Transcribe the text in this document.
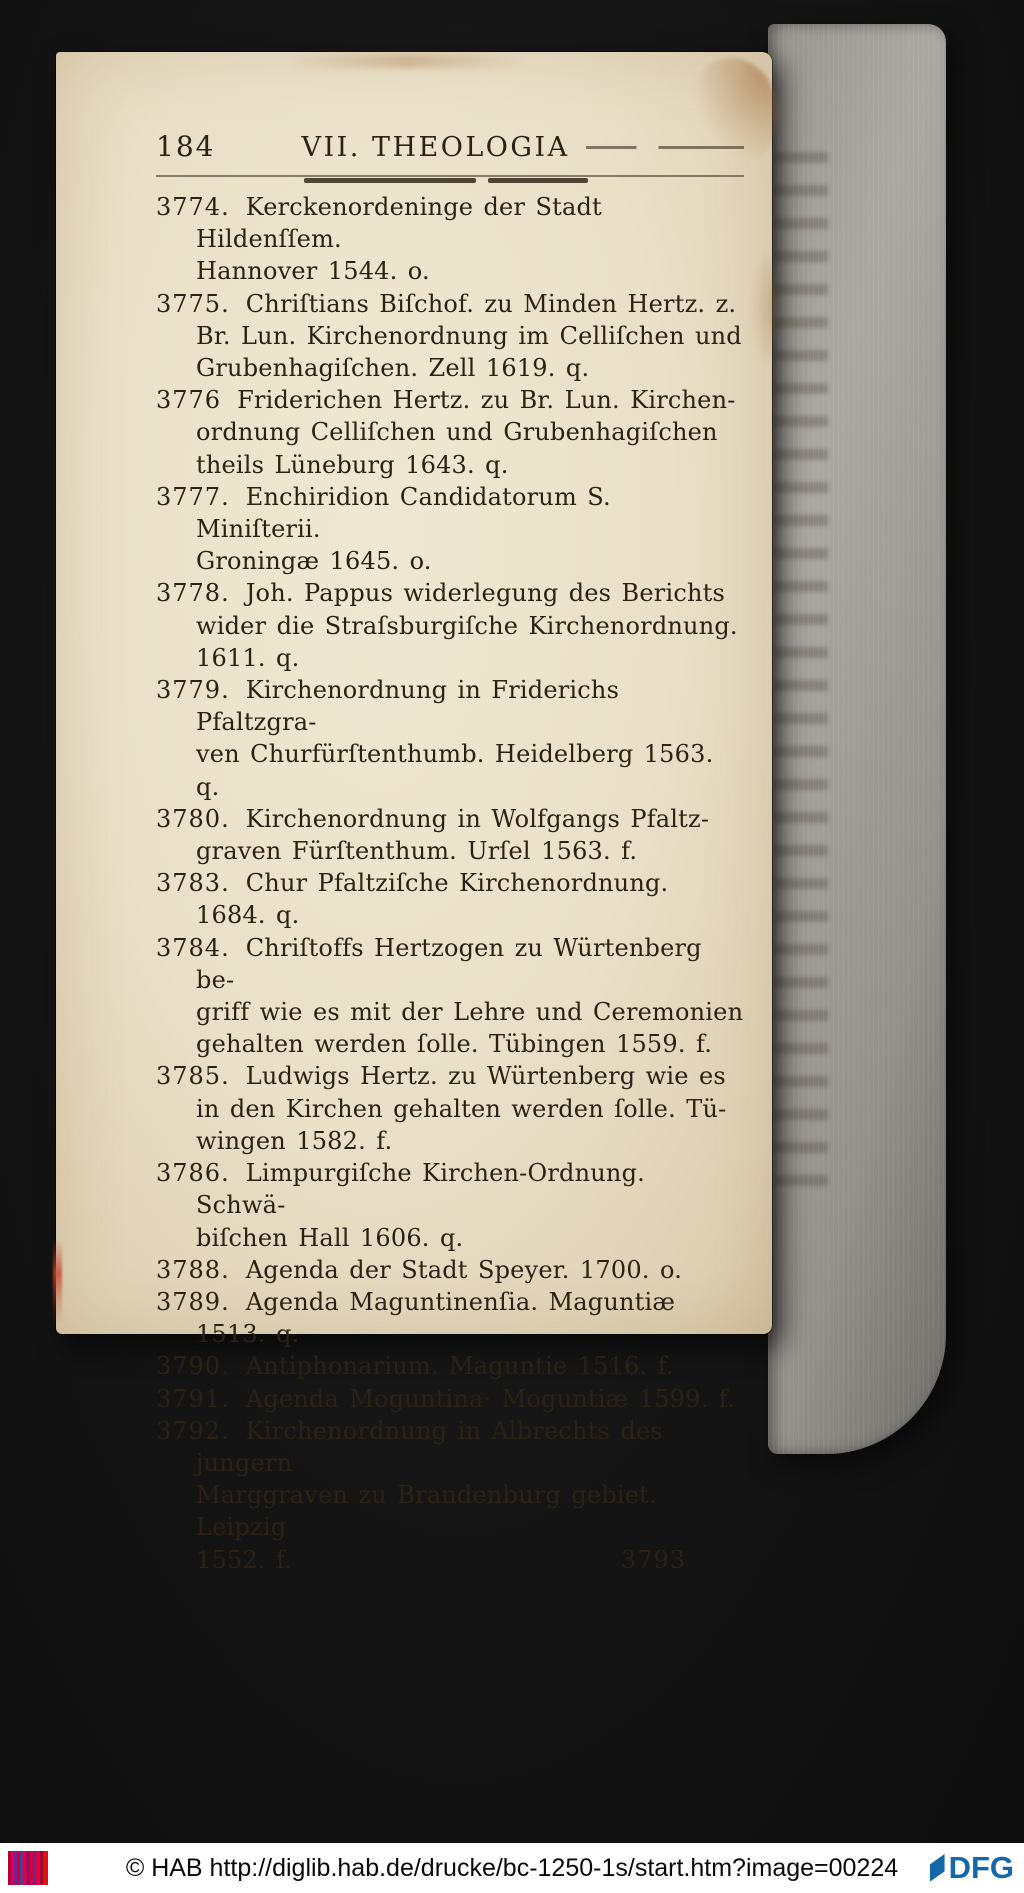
184	VII. THEOLOGIA
3774. Kerckenordeninge der Stadt Hildenſſem.
Hannover 1544. o.
3775. Chriſtians Biſchof. zu Minden Hertz. z.
Br. Lun. Kirchenordnung im Celliſchen und
Grubenhagiſchen. Zell 1619. q.
3776 Friderichen Hertz. zu Br. Lun. Kirchen-
ordnung Celliſchen und Grubenhagiſchen
theils Lüneburg 1643. q.
3777. Enchiridion Candidatorum S. Miniſterii.
Groningæ 1645. o.
3778. Joh. Pappus widerlegung des Berichts
wider die Straſsburgiſche Kirchenordnung.
1611. q.
3779. Kirchenordnung in Friderichs Pfaltzgra-
ven Churfürſtenthumb. Heidelberg 1563. q.
3780. Kirchenordnung in Wolfgangs Pfaltz-
graven Fürſtenthum. Urſel 1563. f.
3783. Chur Pfaltziſche Kirchenordnung. 1684. q.
3784. Chriſtoffs Hertzogen zu Würtenberg be-
griff wie es mit der Lehre und Ceremonien
gehalten werden ſolle. Tübingen 1559. f.
3785. Ludwigs Hertz. zu Würtenberg wie es
in den Kirchen gehalten werden ſolle. Tü-
wingen 1582. f.
3786. Limpurgiſche Kirchen-Ordnung. Schwä-
biſchen Hall 1606. q.
3788. Agenda der Stadt Speyer. 1700. o.
3789. Agenda Maguntinenſia. Maguntiæ 1513. q.
3790. Antiphonarium. Maguntie 1516. f.
3791. Agenda Moguntina· Moguntiæ 1599. f.
3792. Kirchenordnung in Albrechts des jungern
Marggraven zu Brandenburg gebiet. Leipzig
1552. f.	3793
© HAB http://diglib.hab.de/drucke/bc-1250-1s/start.htm?image=00224 DFG
